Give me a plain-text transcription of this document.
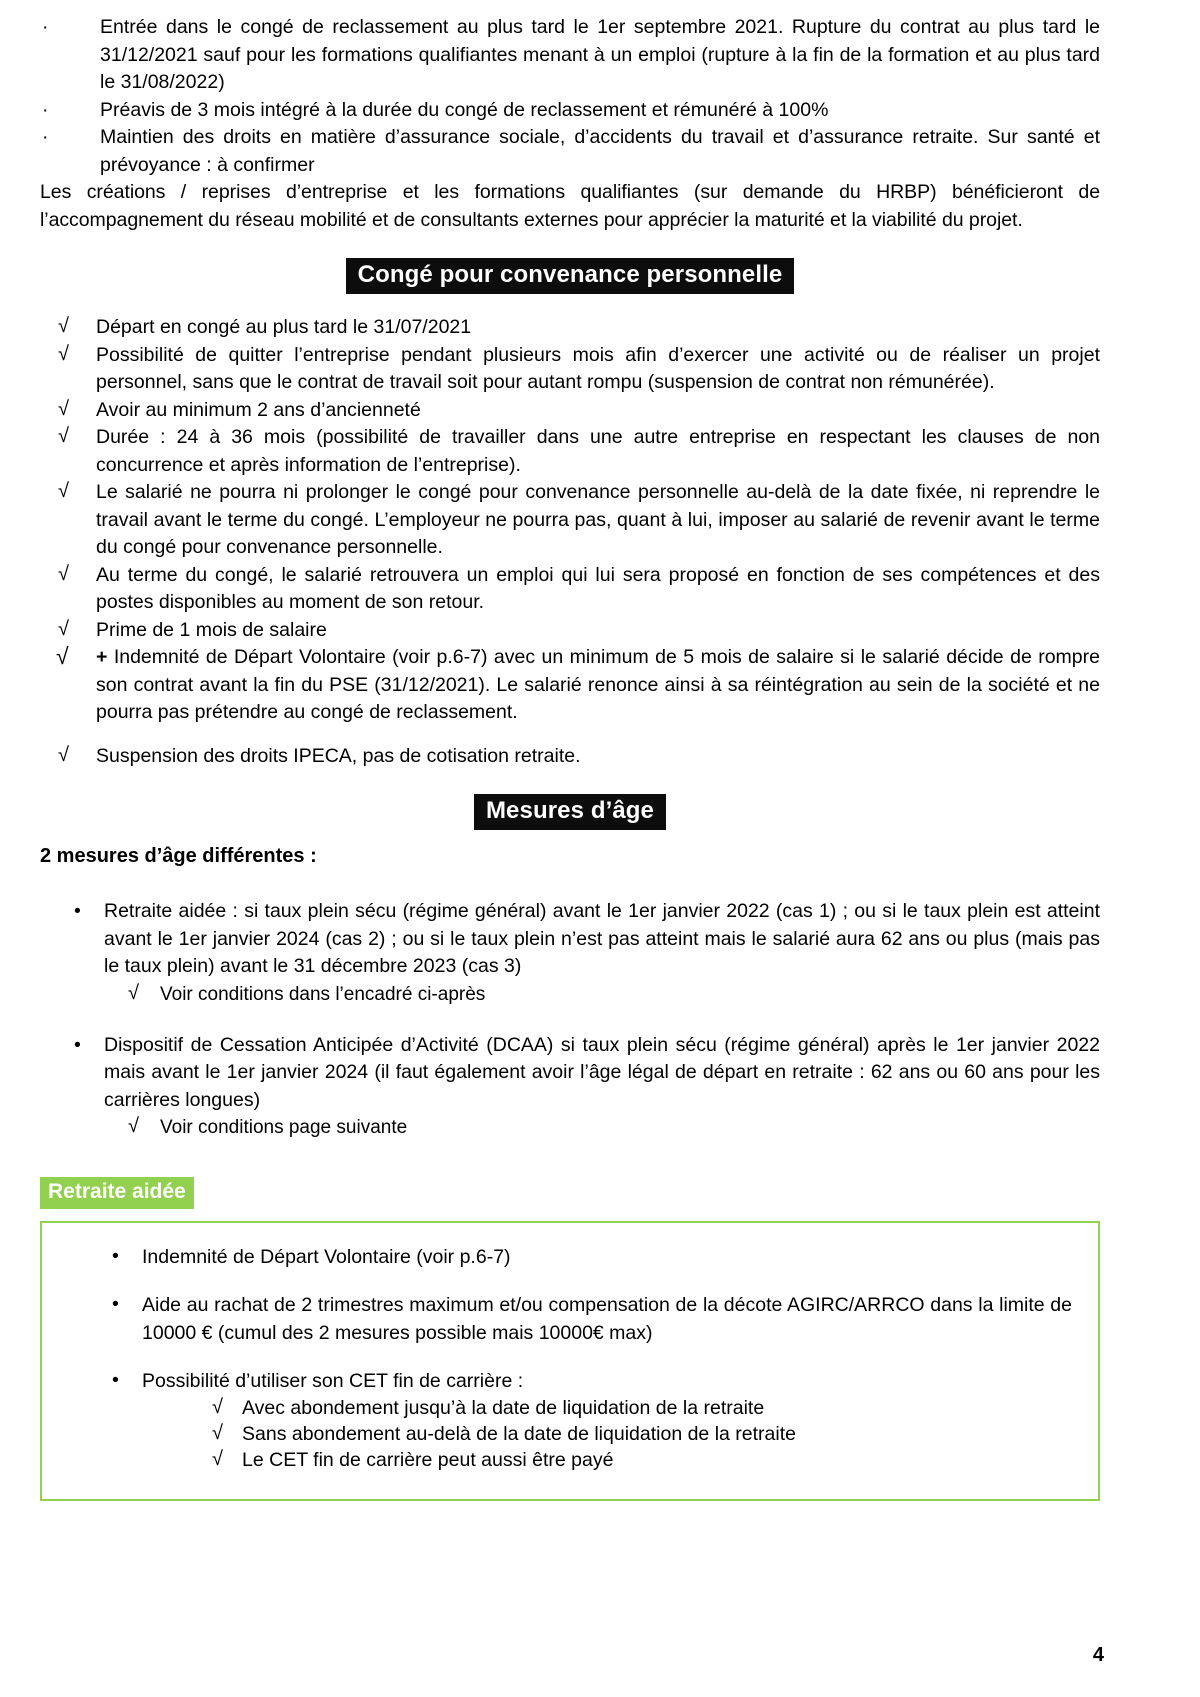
·	Entrée dans le congé de reclassement au plus tard le 1er septembre 2021. Rupture du contrat au plus tard le 31/12/2021 sauf pour les formations qualifiantes menant à un emploi (rupture à la fin de la formation et au plus tard le 31/08/2022)
·	Préavis de 3 mois intégré à la durée du congé de reclassement et rémunéré à 100%
·	Maintien des droits en matière d’assurance sociale, d’accidents du travail et d’assurance retraite. Sur santé et prévoyance : à confirmer

Les créations / reprises d’entreprise et les formations qualifiantes (sur demande du HRBP) bénéficieront de l’accompagnement du réseau mobilité et de consultants externes pour apprécier la maturité et la viabilité du projet.

Congé pour convenance personnelle
√ Départ en congé au plus tard le 31/07/2021
√ Possibilité de quitter l’entreprise pendant plusieurs mois afin d’exercer une activité ou de réaliser un projet personnel, sans que le contrat de travail soit pour autant rompu (suspension de contrat non rémunérée).
√ Avoir au minimum 2 ans d’ancienneté
√ Durée : 24 à 36 mois (possibilité de travailler dans une autre entreprise en respectant les clauses de non concurrence et après information de l’entreprise).
√ Le salarié ne pourra ni prolonger le congé pour convenance personnelle au-delà de la date fixée, ni reprendre le travail avant le terme du congé. L’employeur ne pourra pas, quant à lui, imposer au salarié de revenir avant le terme du congé pour convenance personnelle.
√ Au terme du congé, le salarié retrouvera un emploi qui lui sera proposé en fonction de ses compétences et des postes disponibles au moment de son retour.
√ Prime de 1 mois de salaire
√ + Indemnité de Départ Volontaire (voir p.6-7) avec un minimum de 5 mois de salaire si le salarié décide de rompre son contrat avant la fin du PSE (31/12/2021). Le salarié renonce ainsi à sa réintégration au sein de la société et ne pourra pas prétendre au congé de reclassement.
√ Suspension des droits IPECA, pas de cotisation retraite.
Mesures d’âge

2 mesures d’âge différentes :

• Retraite aidée : si taux plein sécu (régime général) avant le 1er janvier 2022 (cas 1) ; ou si le taux plein est atteint avant le 1er janvier 2024 (cas 2) ; ou si le taux plein n’est pas atteint mais le salarié aura 62 ans ou plus (mais pas le taux plein) avant le 31 décembre 2023 (cas 3)
√ Voir conditions dans l’encadré ci-après
• Dispositif de Cessation Anticipée d’Activité (DCAA) si taux plein sécu (régime général) après le 1er janvier 2022 mais avant le 1er janvier 2024 (il faut également avoir l’âge légal de départ en retraite : 62 ans ou 60 ans pour les carrières longues)
√ Voir conditions page suivante
Retraite aidée
• Indemnité de Départ Volontaire (voir p.6-7)
• Aide au rachat de 2 trimestres maximum et/ou compensation de la décote AGIRC/ARRCO dans la limite de 10000 € (cumul des 2 mesures possible mais 10000€ max)
• Possibilité d’utiliser son CET fin de carrière :
√ Avec abondement jusqu’à la date de liquidation de la retraite
√ Sans abondement au-delà de la date de liquidation de la retraite
√ Le CET fin de carrière peut aussi être payé
4
